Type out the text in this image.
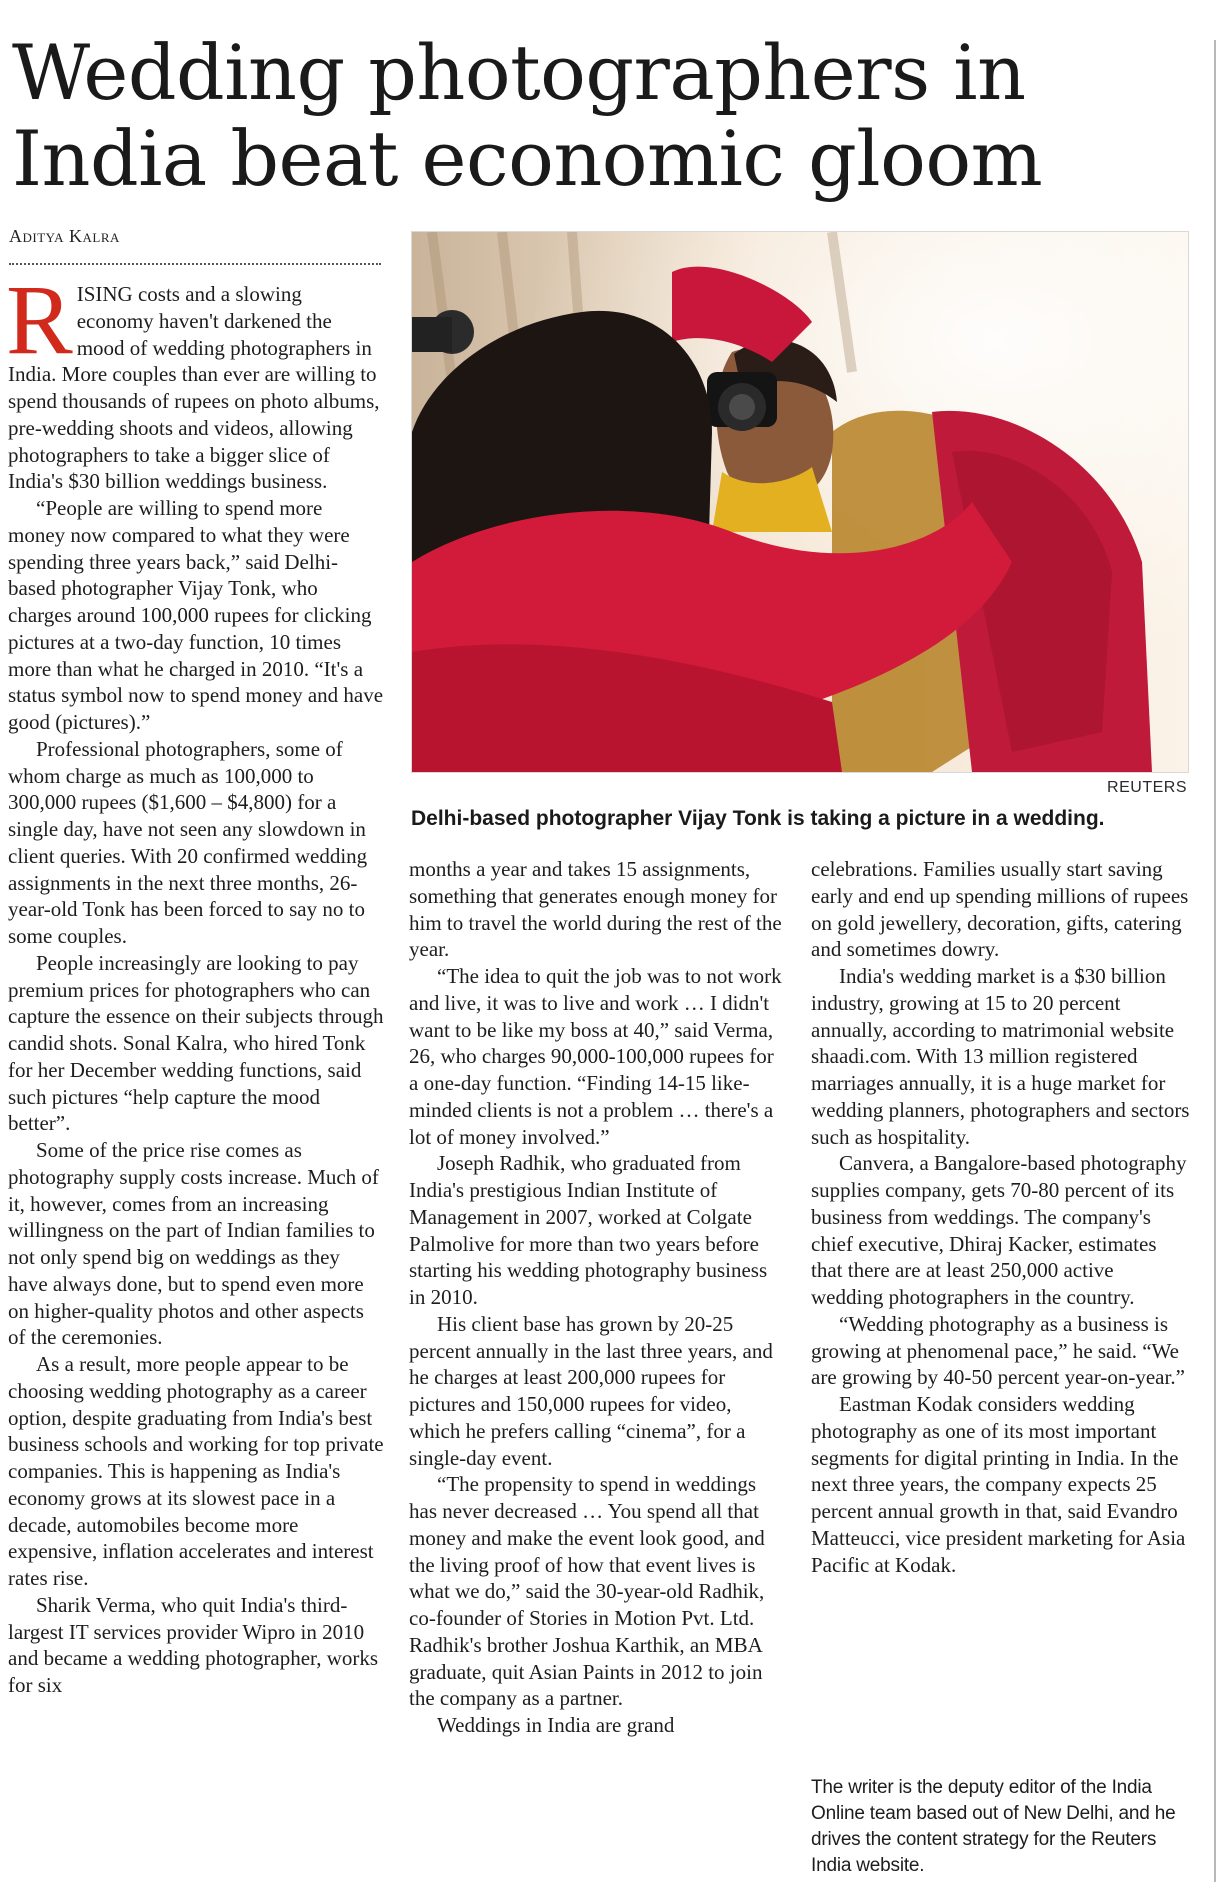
Wedding photographers in India beat economic gloom
Aditya Kalra

RISING costs and a slowing economy haven't darkened the mood of wedding photographers in India. More couples than ever are willing to spend thousands of rupees on photo albums, pre-wedding shoots and videos, allowing photographers to take a bigger slice of India's $30 billion weddings business.

“People are willing to spend more money now compared to what they were spending three years back,” said Delhi-based photographer Vijay Tonk, who charges around 100,000 rupees for clicking pictures at a two-day function, 10 times more than what he charged in 2010. “It's a status symbol now to spend money and have good (pictures).”

Professional photographers, some of whom charge as much as 100,000 to 300,000 rupees ($1,600 – $4,800) for a single day, have not seen any slowdown in client queries. With 20 confirmed wedding assignments in the next three months, 26-year-old Tonk has been forced to say no to some couples.

People increasingly are looking to pay premium prices for photographers who can capture the essence on their subjects through candid shots. Sonal Kalra, who hired Tonk for her December wedding functions, said such pictures “help capture the mood better”.

Some of the price rise comes as photography supply costs increase. Much of it, however, comes from an increasing willingness on the part of Indian families to not only spend big on weddings as they have always done, but to spend even more on higher-quality photos and other aspects of the ceremonies.

As a result, more people appear to be choosing wedding photography as a career option, despite graduating from India's best business schools and working for top private companies. This is happening as India's economy grows at its slowest pace in a decade, automobiles become more expensive, inflation accelerates and interest rates rise.

Sharik Verma, who quit India's third-largest IT services provider Wipro in 2010 and became a wedding photographer, works for six

REUTERS

Delhi-based photographer Vijay Tonk is taking a picture in a wedding.

months a year and takes 15 assignments, something that generates enough money for him to travel the world during the rest of the year.

“The idea to quit the job was to not work and live, it was to live and work … I didn't want to be like my boss at 40,” said Verma, 26, who charges 90,000-100,000 rupees for a one-day function. “Finding 14-15 like-minded clients is not a problem … there's a lot of money involved.”

Joseph Radhik, who graduated from India's prestigious Indian Institute of Management in 2007, worked at Colgate Palmolive for more than two years before starting his wedding photography business in 2010.

His client base has grown by 20-25 percent annually in the last three years, and he charges at least 200,000 rupees for pictures and 150,000 rupees for video, which he prefers calling “cinema”, for a single-day event.

“The propensity to spend in weddings has never decreased … You spend all that money and make the event look good, and the living proof of how that event lives is what we do,” said the 30-year-old Radhik, co-founder of Stories in Motion Pvt. Ltd. Radhik's brother Joshua Karthik, an MBA graduate, quit Asian Paints in 2012 to join the company as a partner.

Weddings in India are grand

celebrations. Families usually start saving early and end up spending millions of rupees on gold jewellery, decoration, gifts, catering and sometimes dowry.

India's wedding market is a $30 billion industry, growing at 15 to 20 percent annually, according to matrimonial website shaadi.com. With 13 million registered marriages annually, it is a huge market for wedding planners, photographers and sectors such as hospitality.

Canvera, a Bangalore-based photography supplies company, gets 70-80 percent of its business from weddings. The company's chief executive, Dhiraj Kacker, estimates that there are at least 250,000 active wedding photographers in the country.

“Wedding photography as a business is growing at phenomenal pace,” he said. “We are growing by 40-50 percent year-on-year.”

Eastman Kodak considers wedding photography as one of its most important segments for digital printing in India. In the next three years, the company expects 25 percent annual growth in that, said Evandro Matteucci, vice president marketing for Asia Pacific at Kodak.

The writer is the deputy editor of the India Online team based out of New Delhi, and he drives the content strategy for the Reuters India website.
